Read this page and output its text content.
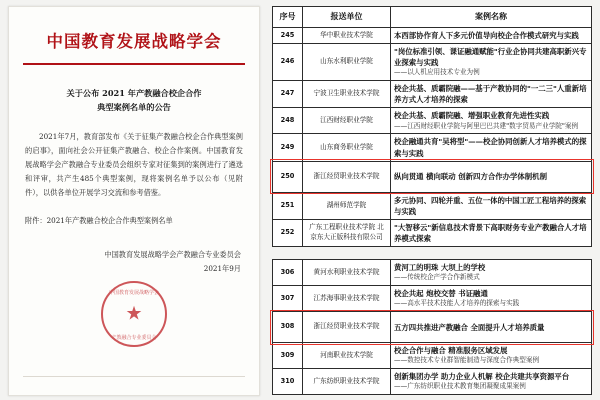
中国教育发展战略学会
关于公布 2021 年产教融合校企合作
典型案例名单的公告
2021年7月，教育部发布《关于征集产教融合校企合作典型案例的启事》，面向社会公开征集产教融合、校企合作案例。中国教育发展战略学会产教融合专业委员会组织专家对征集到的案例进行了遴选和评审，共产生485个典型案例，现将案例名单予以公布（见附件），以供各单位开展学习交流和参考借鉴。
附件：2021年产教融合校企合作典型案例名单
中国教育发展战略学会产教融合专业委员会
2021年9月
中国教育发展战略学会
产教融合专业委员会
★
序号	报送单位	案例名称
245	华中职业技术学院	本西部协作育人下多元价值导向校企合作模式研究与实践

246	山东水利职业学院	"岗位标准引领、课证融通赋能"行业企协同共建高职新兴专业探索与实践
——以人机应用技术专业为例

247	宁波卫生职业技术学院	校企共基、质霸院融——基于产教协同的"一二三"人重新培养方式人才培养的探索

248	江西财经职业学院	校企共基、质霸院融、增强职业教育先进性实践
——江西财经职业学院与阿里巴巴共建"数字贸易产业学院"案例

249	山东商务职业学院	校企融通共育"吴将型"——校企协同创新人才培养模式的探索与实践

250	浙江经贸职业技术学院	纵向贯通 横向联动 创新四方合作办学体制机制

251	湖州师范学院	多元协同、四轮并重、五位一体的中国工匠工程培养的探索与实践

252	广东工程职业技术学院 北京东大正版科技有限公司	"大智移云"新信息技术背景下高职财务专业产教融合人才培养模式探索
306	黄河水利职业技术学院	黄河工的明珠 大坝上的学校
——传统校企产学合作新模式

307	江苏海事职业技术学院	校企共起 炮校交替 书证融通
——高水平技术技能人才培养的探索与实践

308	浙江经贸职业技术学院	五方四共推进产教融合 全面提升人才培养质量

309	河南职业技术学院	校企合作与融合 精准服务区域发展
——数控技术专业群智能制造与深度合作典型案例

310	广东纺织职业技术学院	创新集团办学 助力企业人机解 校企共建共享资源平台
——广东纺织职业技术教育集团凝聚成果案例
